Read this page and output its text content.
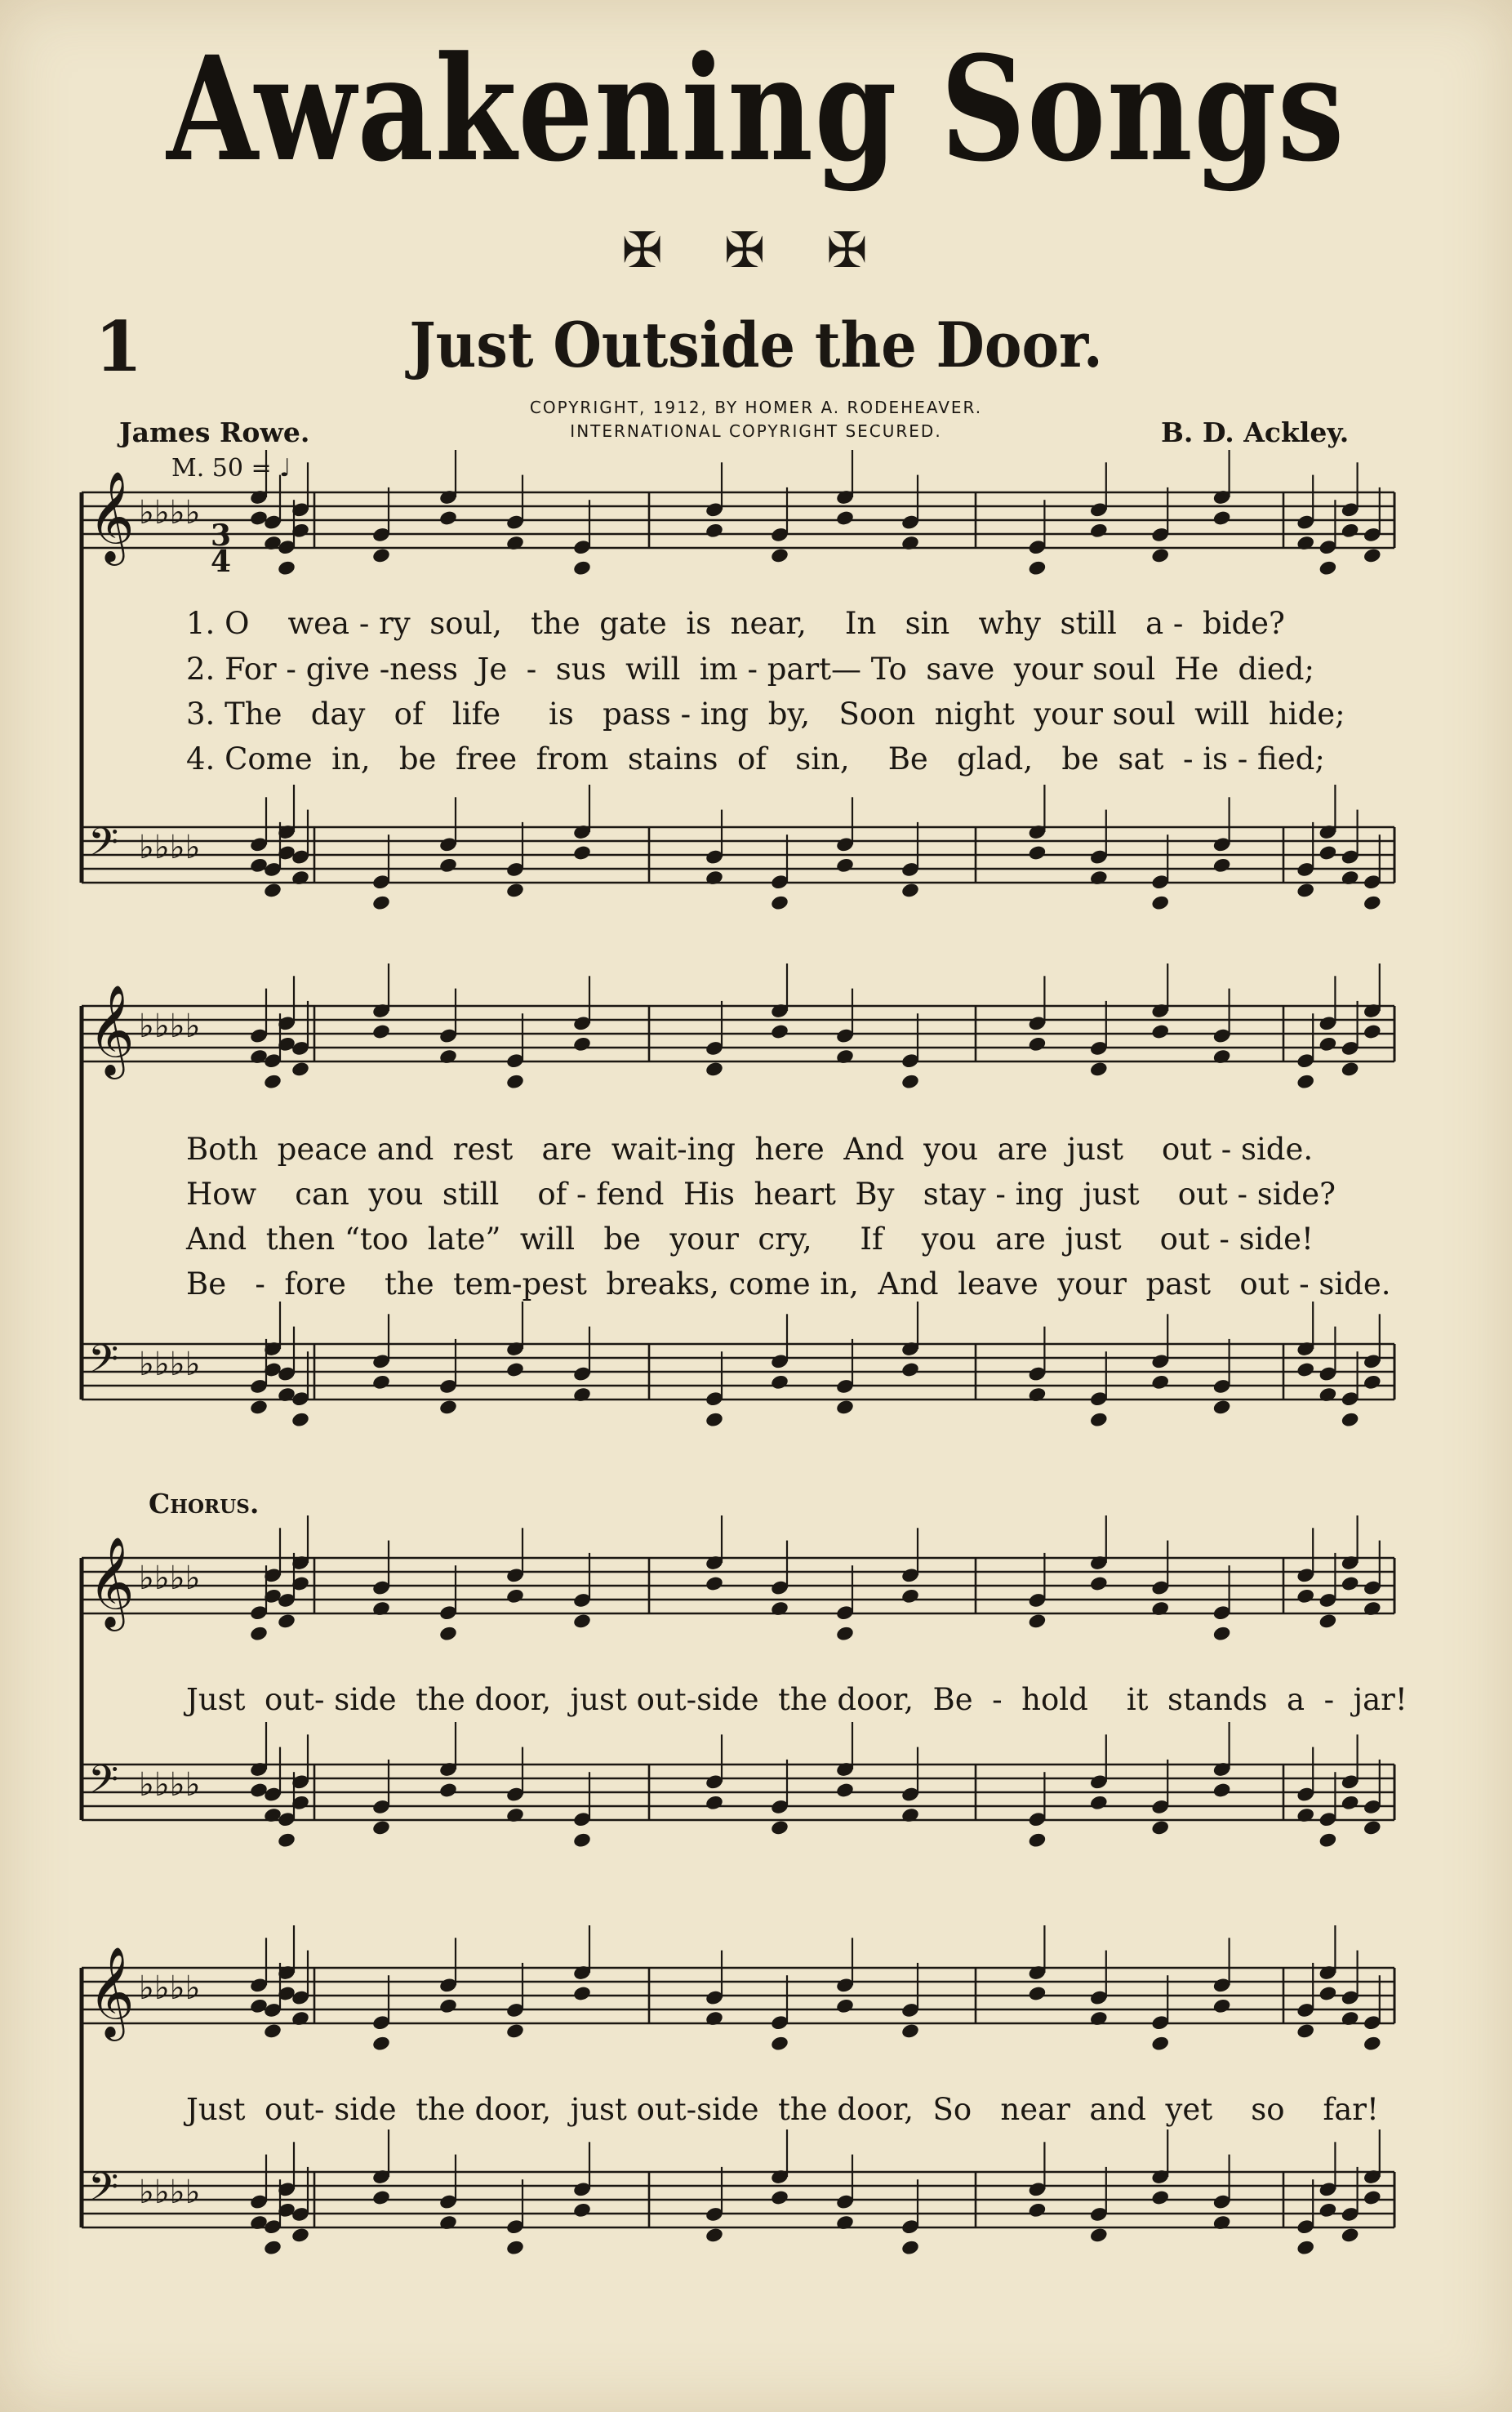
Awakening Songs
✠ ✠ ✠
1	Just Outside the Door.
COPYRIGHT, 1912, BY HOMER A. RODEHEAVER.
INTERNATIONAL COPYRIGHT SECURED.
James Rowe.	B. D. Ackley.
M. 50 = ♩
𝄞 ♭♭♭♭
𝄢 ♭♭♭♭
𝄞 ♭♭♭♭
𝄢 ♭♭♭♭
𝄞 ♭♭♭♭
𝄢 ♭♭♭♭
𝄞 ♭♭♭♭
𝄢 ♭♭♭♭
3
4
1. O    wea - ry  soul,   the  gate  is  near,    In   sin   why  still   a -  bide?
2. For - give -ness  Je  -  sus  will  im - part— To  save  your soul  He  died;
3. The   day   of   life     is   pass - ing  by,   Soon  night  your soul  will  hide;
4. Come  in,   be  free  from  stains  of   sin,    Be   glad,   be  sat  - is - fied;
Both  peace and  rest   are  wait-ing  here  And  you  are  just    out - side.
How    can  you  still    of - fend  His  heart  By   stay - ing  just    out - side?
And  then “too  late”  will   be   your  cry,     If    you  are  just    out - side!
Be   -  fore    the  tem-pest  breaks, come in,  And  leave  your  past   out - side.
Chorus.
Just  out- side  the door,  just out-side  the door,  Be  -  hold    it  stands  a  -  jar!
Just  out- side  the door,  just out-side  the door,  So   near  and  yet    so    far!
